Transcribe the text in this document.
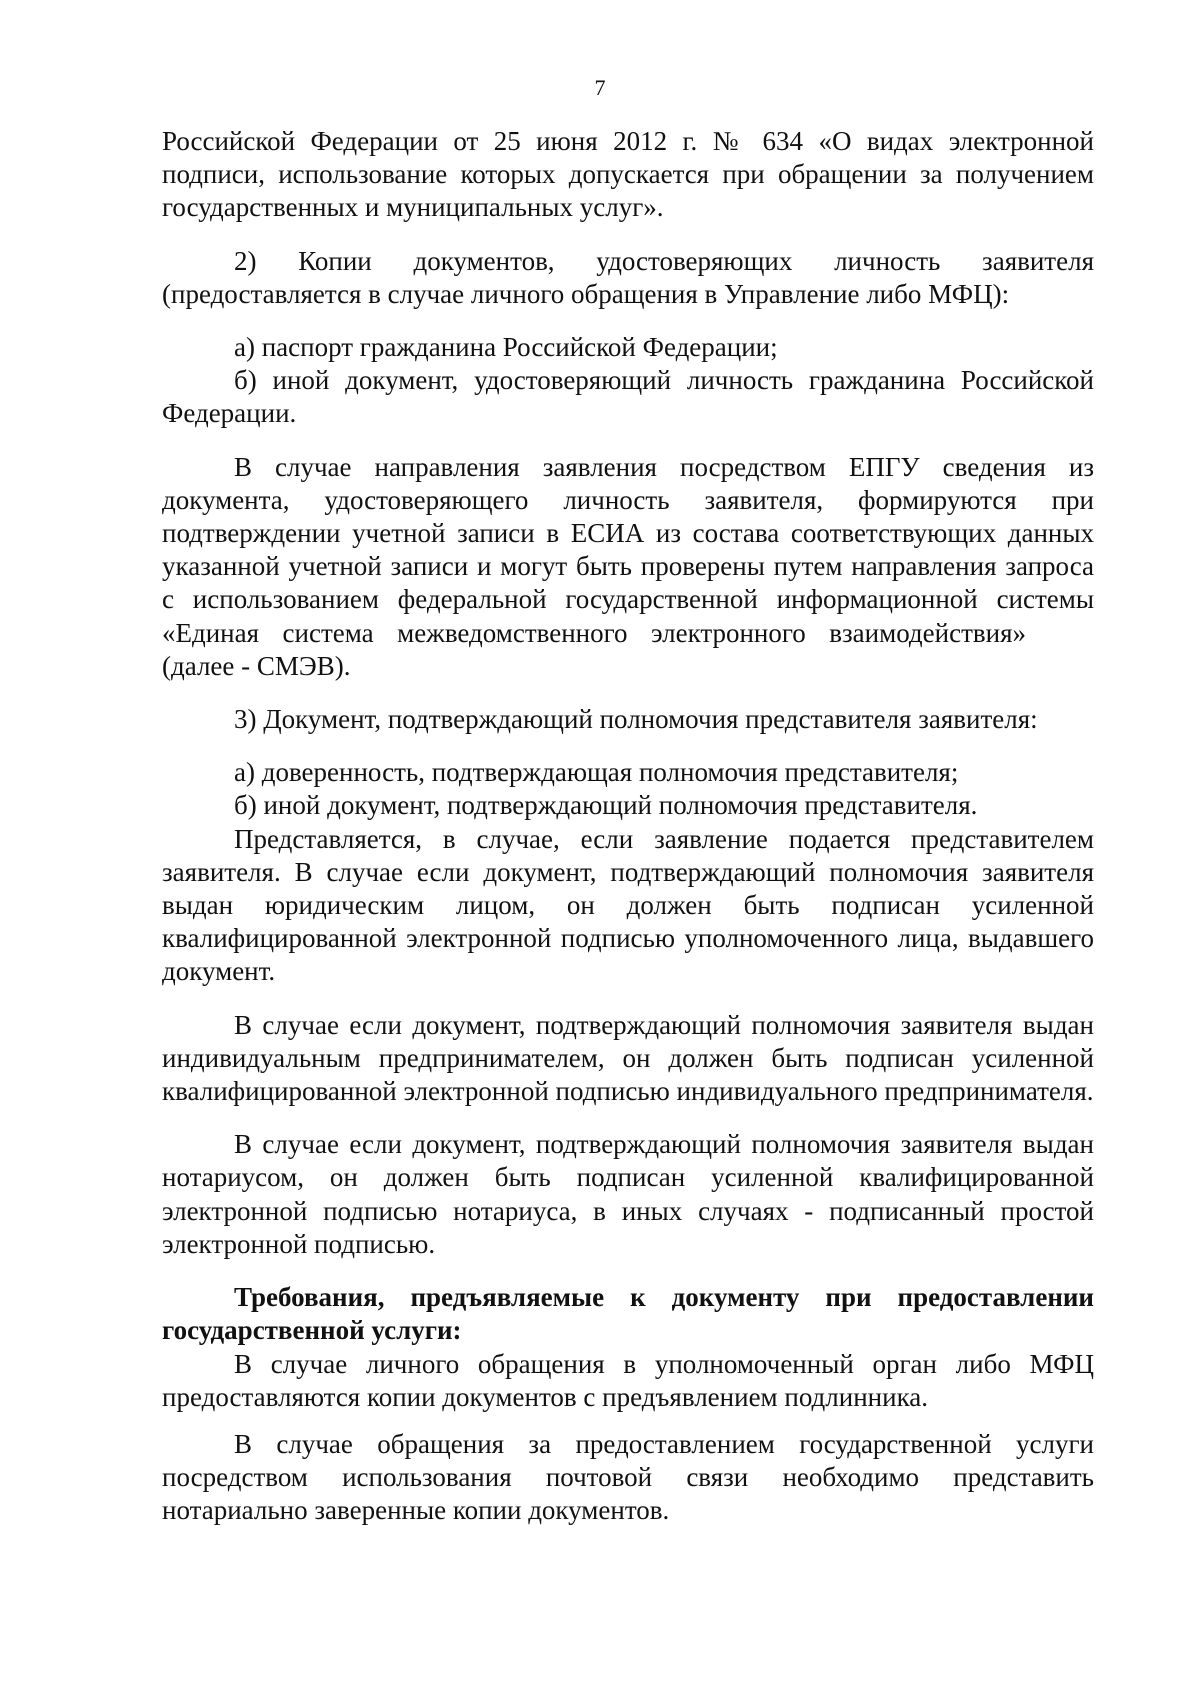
7

Российской Федерации от 25 июня 2012 г. № 634 «О видах электронной подписи, использование которых допускается при обращении за получением государственных и муниципальных услуг».

2) Копии документов, удостоверяющих личность заявителя (предоставляется в случае личного обращения в Управление либо МФЦ):

а) паспорт гражданина Российской Федерации;

б) иной документ, удостоверяющий личность гражданина Российской Федерации.

В случае направления заявления посредством ЕПГУ сведения из документа, удостоверяющего личность заявителя, формируются при подтверждении учетной записи в ЕСИА из состава соответствующих данных указанной учетной записи и могут быть проверены путем направления запроса с использованием федеральной государственной информационной системы «Единая система межведомственного электронного взаимодействия»(далее - СМЭВ).

3) Документ, подтверждающий полномочия представителя заявителя:

а) доверенность, подтверждающая полномочия представителя;

б) иной документ, подтверждающий полномочия представителя.

Представляется, в случае, если заявление подается представителем заявителя. В случае если документ, подтверждающий полномочия заявителя выдан юридическим лицом, он должен быть подписан усиленной квалифицированной электронной подписью уполномоченного лица, выдавшего документ.

В случае если документ, подтверждающий полномочия заявителя выдан индивидуальным предпринимателем, он должен быть подписан усиленной квалифицированной электронной подписью индивидуального предпринимателя.

В случае если документ, подтверждающий полномочия заявителя выдан нотариусом, он должен быть подписан усиленной квалифицированной электронной подписью нотариуса, в иных случаях - подписанный простой электронной подписью.

Требования, предъявляемые к документу при предоставлении государственной услуги:

В случае личного обращения в уполномоченный орган либо МФЦ предоставляются копии документов с предъявлением подлинника.

В случае обращения за предоставлением государственной услуги посредством использования почтовой связи необходимо представить нотариально заверенные копии документов.
